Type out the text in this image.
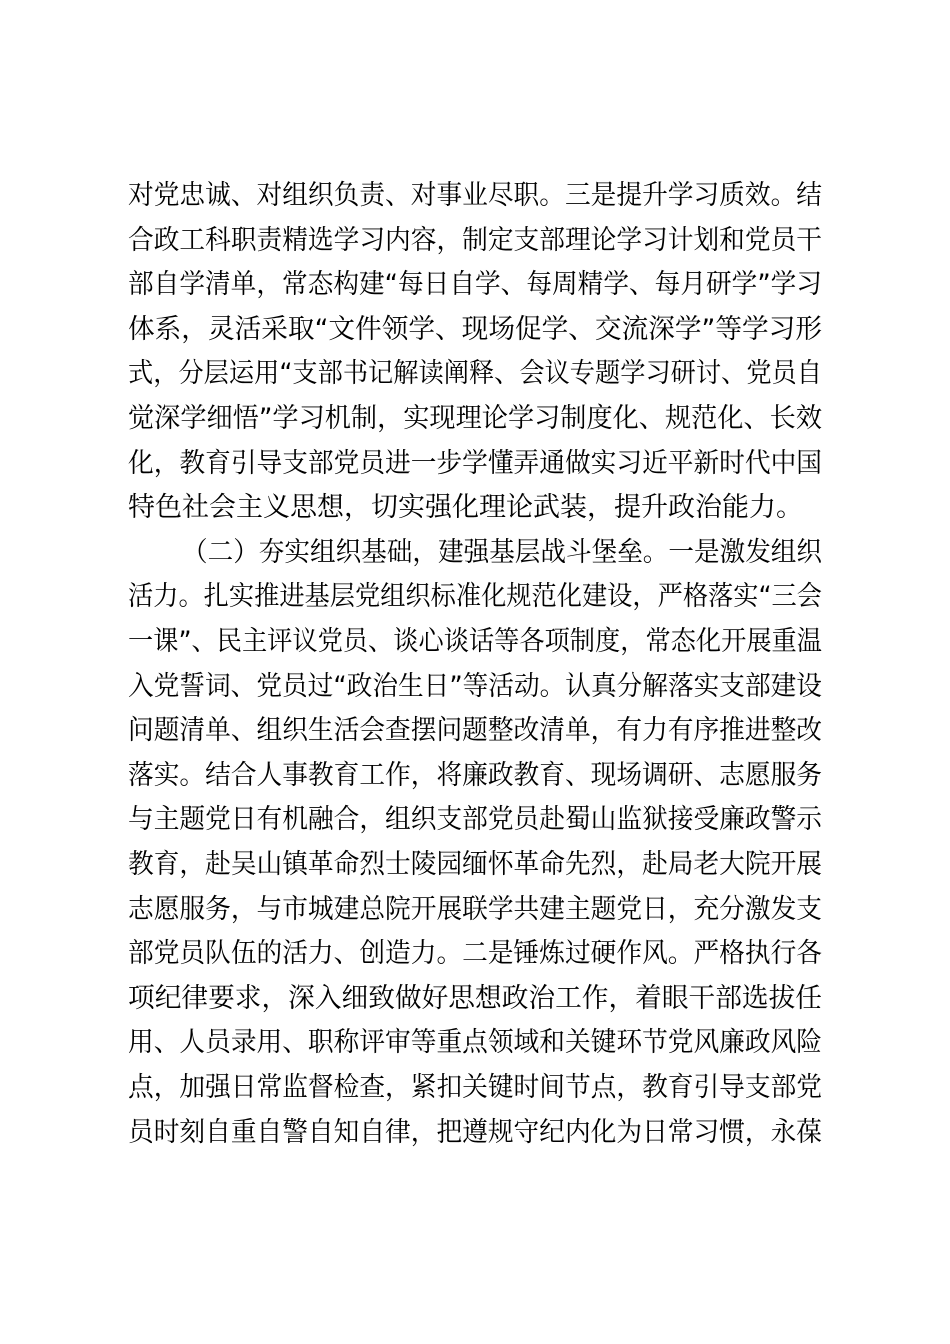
对党忠诚、对组织负责、对事业尽职。三是提升学习质效。结
合政工科职责精选学习内容，制定支部理论学习计划和党员干
部自学清单，常态构建“每日自学、每周精学、每月研学”学习
体系，灵活采取“文件领学、现场促学、交流深学”等学习形
式，分层运用“支部书记解读阐释、会议专题学习研讨、党员自
觉深学细悟”学习机制，实现理论学习制度化、规范化、长效
化，教育引导支部党员进一步学懂弄通做实习近平新时代中国
特色社会主义思想，切实强化理论武装，提升政治能力。
（二）夯实组织基础，建强基层战斗堡垒。一是激发组织
活力。扎实推进基层党组织标准化规范化建设，严格落实“三会
一课”、民主评议党员、谈心谈话等各项制度，常态化开展重温
入党誓词、党员过“政治生日”等活动。认真分解落实支部建设
问题清单、组织生活会查摆问题整改清单，有力有序推进整改
落实。结合人事教育工作，将廉政教育、现场调研、志愿服务
与主题党日有机融合，组织支部党员赴蜀山监狱接受廉政警示
教育，赴吴山镇革命烈士陵园缅怀革命先烈，赴局老大院开展
志愿服务，与市城建总院开展联学共建主题党日，充分激发支
部党员队伍的活力、创造力。二是锤炼过硬作风。严格执行各
项纪律要求，深入细致做好思想政治工作，着眼干部选拔任
用、人员录用、职称评审等重点领域和关键环节党风廉政风险
点，加强日常监督检查，紧扣关键时间节点，教育引导支部党
员时刻自重自警自知自律，把遵规守纪内化为日常习惯，永葆
